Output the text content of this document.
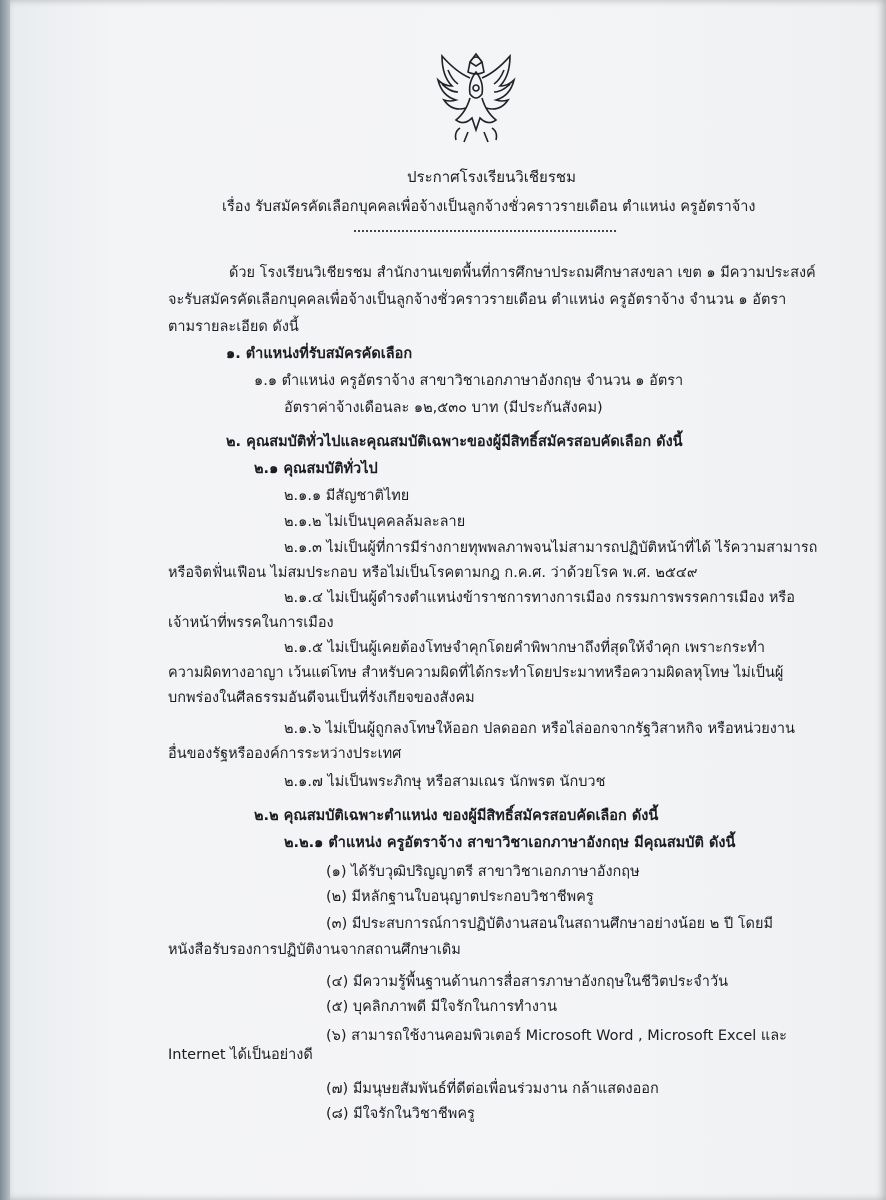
ประกาศโรงเรียนวิเชียรชม
เรื่อง รับสมัครคัดเลือกบุคคลเพื่อจ้างเป็นลูกจ้างชั่วคราวรายเดือน ตำแหน่ง ครูอัตราจ้าง
ด้วย โรงเรียนวิเชียรชม สำนักงานเขตพื้นที่การศึกษาประถมศึกษาสงขลา เขต ๑ มีความประสงค์
จะรับสมัครคัดเลือกบุคคลเพื่อจ้างเป็นลูกจ้างชั่วคราวรายเดือน ตำแหน่ง ครูอัตราจ้าง จำนวน ๑ อัตรา
ตามรายละเอียด ดังนี้
๑. ตำแหน่งที่รับสมัครคัดเลือก
๑.๑ ตำแหน่ง ครูอัตราจ้าง สาขาวิชาเอกภาษาอังกฤษ จำนวน ๑ อัตรา
อัตราค่าจ้างเดือนละ ๑๒,๕๓๐ บาท (มีประกันสังคม)
๒. คุณสมบัติทั่วไปและคุณสมบัติเฉพาะของผู้มีสิทธิ์สมัครสอบคัดเลือก ดังนี้
๒.๑ คุณสมบัติทั่วไป
๒.๑.๑ มีสัญชาติไทย
๒.๑.๒ ไม่เป็นบุคคลล้มละลาย
๒.๑.๓ ไม่เป็นผู้ที่การมีร่างกายทุพพลภาพจนไม่สามารถปฏิบัติหน้าที่ได้ ไร้ความสามารถ
หรือจิตฟั่นเฟือน ไม่สมประกอบ หรือไม่เป็นโรคตามกฎ ก.ค.ศ. ว่าด้วยโรค พ.ศ. ๒๕๔๙
๒.๑.๔ ไม่เป็นผู้ดำรงตำแหน่งข้าราชการทางการเมือง กรรมการพรรคการเมือง หรือ
เจ้าหน้าที่พรรคในการเมือง
๒.๑.๕ ไม่เป็นผู้เคยต้องโทษจำคุกโดยคำพิพากษาถึงที่สุดให้จำคุก เพราะกระทำ
ความผิดทางอาญา เว้นแต่โทษ สำหรับความผิดที่ได้กระทำโดยประมาทหรือความผิดลหุโทษ ไม่เป็นผู้
บกพร่องในศีลธรรมอันดีจนเป็นที่รังเกียจของสังคม
๒.๑.๖ ไม่เป็นผู้ถูกลงโทษให้ออก ปลดออก หรือไล่ออกจากรัฐวิสาหกิจ หรือหน่วยงาน
อื่นของรัฐหรือองค์การระหว่างประเทศ
๒.๑.๗ ไม่เป็นพระภิกษุ หรือสามเณร นักพรต นักบวช
๒.๒ คุณสมบัติเฉพาะตำแหน่ง ของผู้มีสิทธิ์สมัครสอบคัดเลือก ดังนี้
๒.๒.๑ ตำแหน่ง ครูอัตราจ้าง สาขาวิชาเอกภาษาอังกฤษ มีคุณสมบัติ ดังนี้
(๑) ได้รับวุฒิปริญญาตรี สาขาวิชาเอกภาษาอังกฤษ
(๒) มีหลักฐานใบอนุญาตประกอบวิชาชีพครู
(๓) มีประสบการณ์การปฏิบัติงานสอนในสถานศึกษาอย่างน้อย ๒ ปี โดยมี
หนังสือรับรองการปฏิบัติงานจากสถานศึกษาเดิม
(๔) มีความรู้พื้นฐานด้านการสื่อสารภาษาอังกฤษในชีวิตประจำวัน
(๕) บุคลิกภาพดี มีใจรักในการทำงาน
(๖) สามารถใช้งานคอมพิวเตอร์ Microsoft Word , Microsoft Excel และ
Internet ได้เป็นอย่างดี
(๗) มีมนุษยสัมพันธ์ที่ดีต่อเพื่อนร่วมงาน กล้าแสดงออก
(๘) มีใจรักในวิชาชีพครู
